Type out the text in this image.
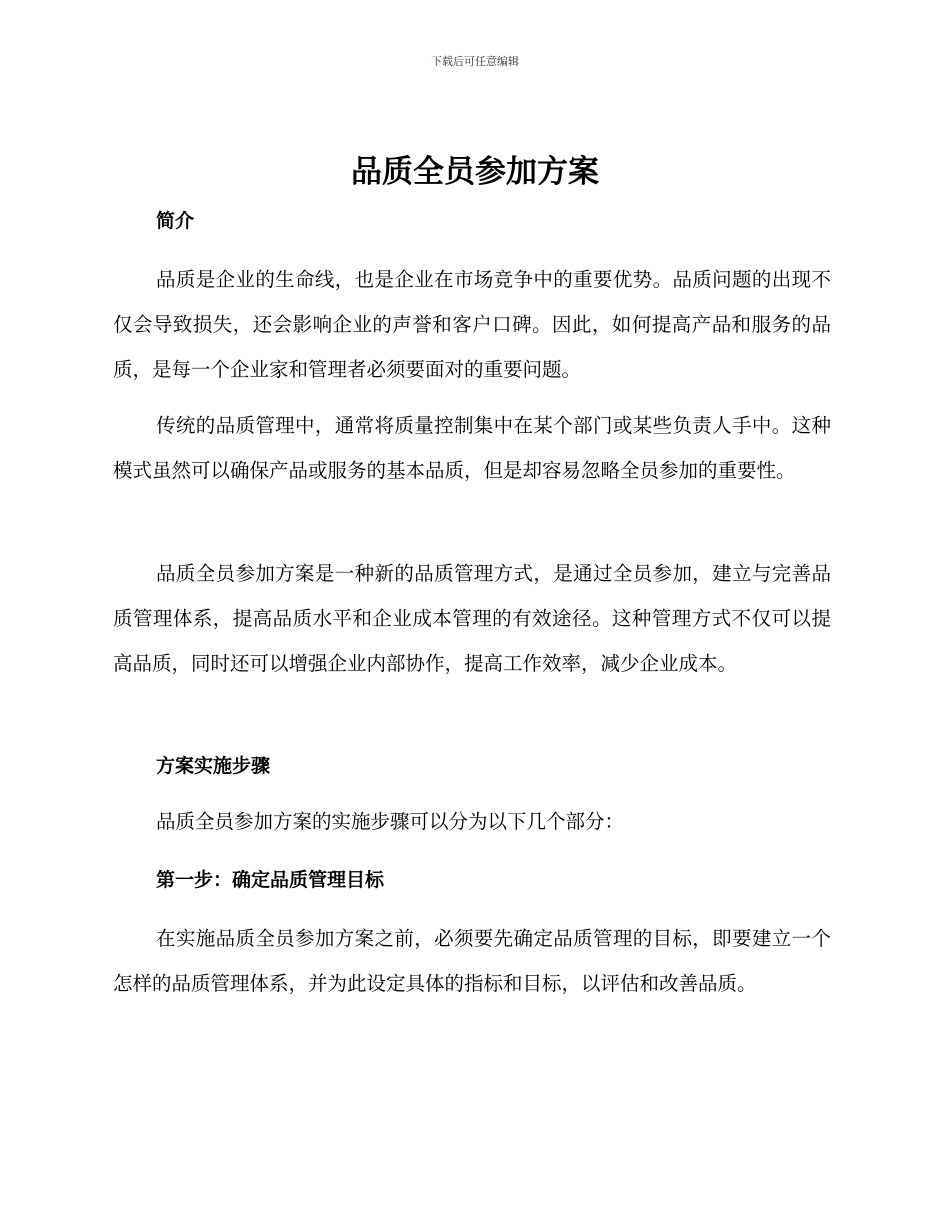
下载后可任意编辑
品质全员参加方案
简介

品质是企业的生命线，也是企业在市场竞争中的重要优势。品质问题的出现不仅会导致损失，还会影响企业的声誉和客户口碑。因此，如何提高产品和服务的品质，是每一个企业家和管理者必须要面对的重要问题。

传统的品质管理中，通常将质量控制集中在某个部门或某些负责人手中。这种模式虽然可以确保产品或服务的基本品质，但是却容易忽略全员参加的重要性。

品质全员参加方案是一种新的品质管理方式，是通过全员参加，建立与完善品质管理体系，提高品质水平和企业成本管理的有效途径。这种管理方式不仅可以提高品质，同时还可以增强企业内部协作，提高工作效率，减少企业成本。

方案实施步骤

品质全员参加方案的实施步骤可以分为以下几个部分：

第一步：确定品质管理目标

在实施品质全员参加方案之前，必须要先确定品质管理的目标，即要建立一个怎样的品质管理体系，并为此设定具体的指标和目标，以评估和改善品质。
